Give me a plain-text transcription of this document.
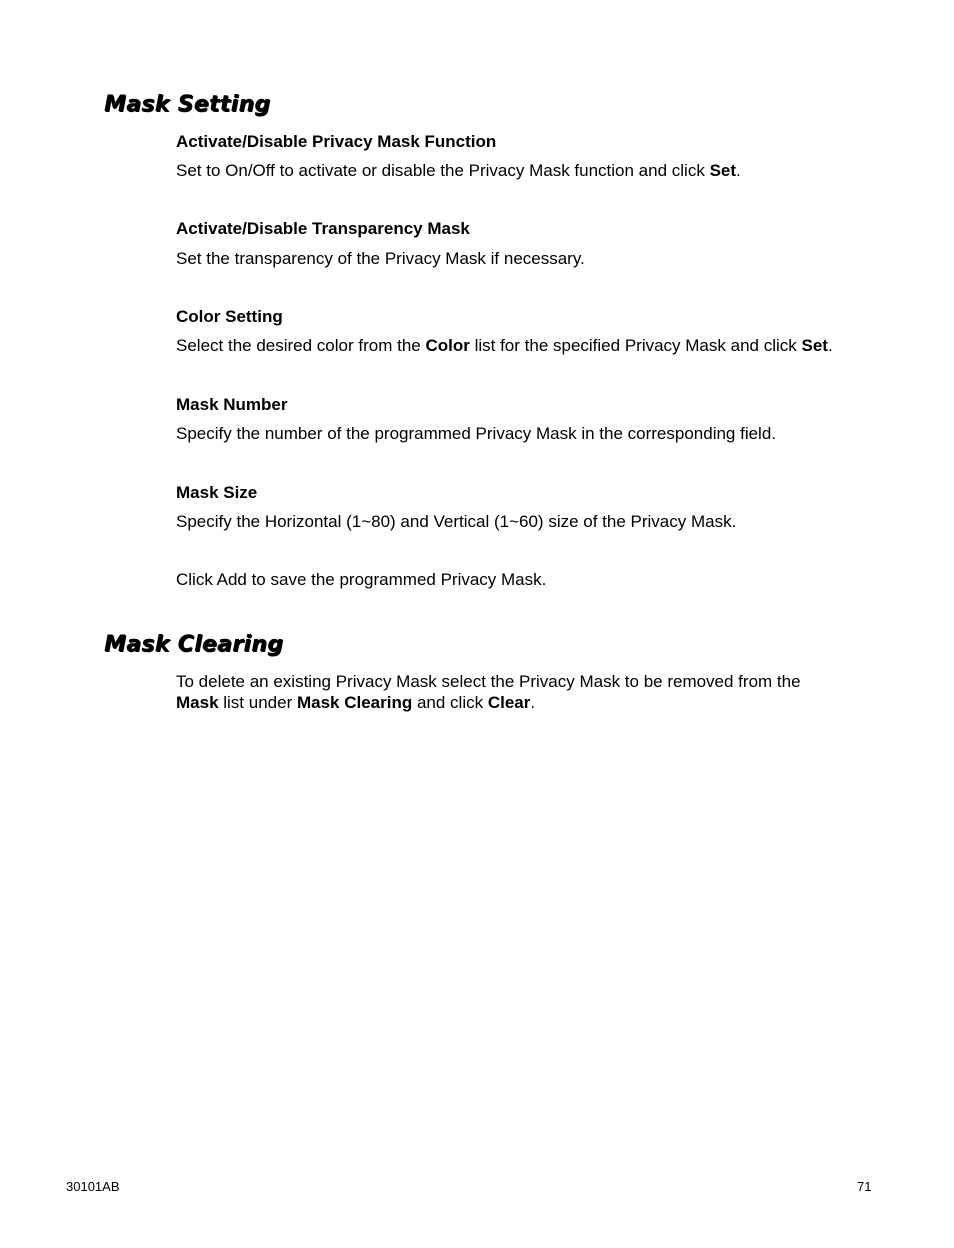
Mask Setting
Activate/Disable Privacy Mask Function

Set to On/Off to activate or disable the Privacy Mask function and click Set.

Activate/Disable Transparency Mask

Set the transparency of the Privacy Mask if necessary.

Color Setting

Select the desired color from the Color list for the specified Privacy Mask and click Set.

Mask Number

Specify the number of the programmed Privacy Mask in the corresponding field.

Mask Size

Specify the Horizontal (1~80) and Vertical (1~60) size of the Privacy Mask.

Click Add to save the programmed Privacy Mask.

Mask Clearing

To delete an existing Privacy Mask select the Privacy Mask to be removed from the

Mask list under Mask Clearing and click Clear.

30101AB	71
